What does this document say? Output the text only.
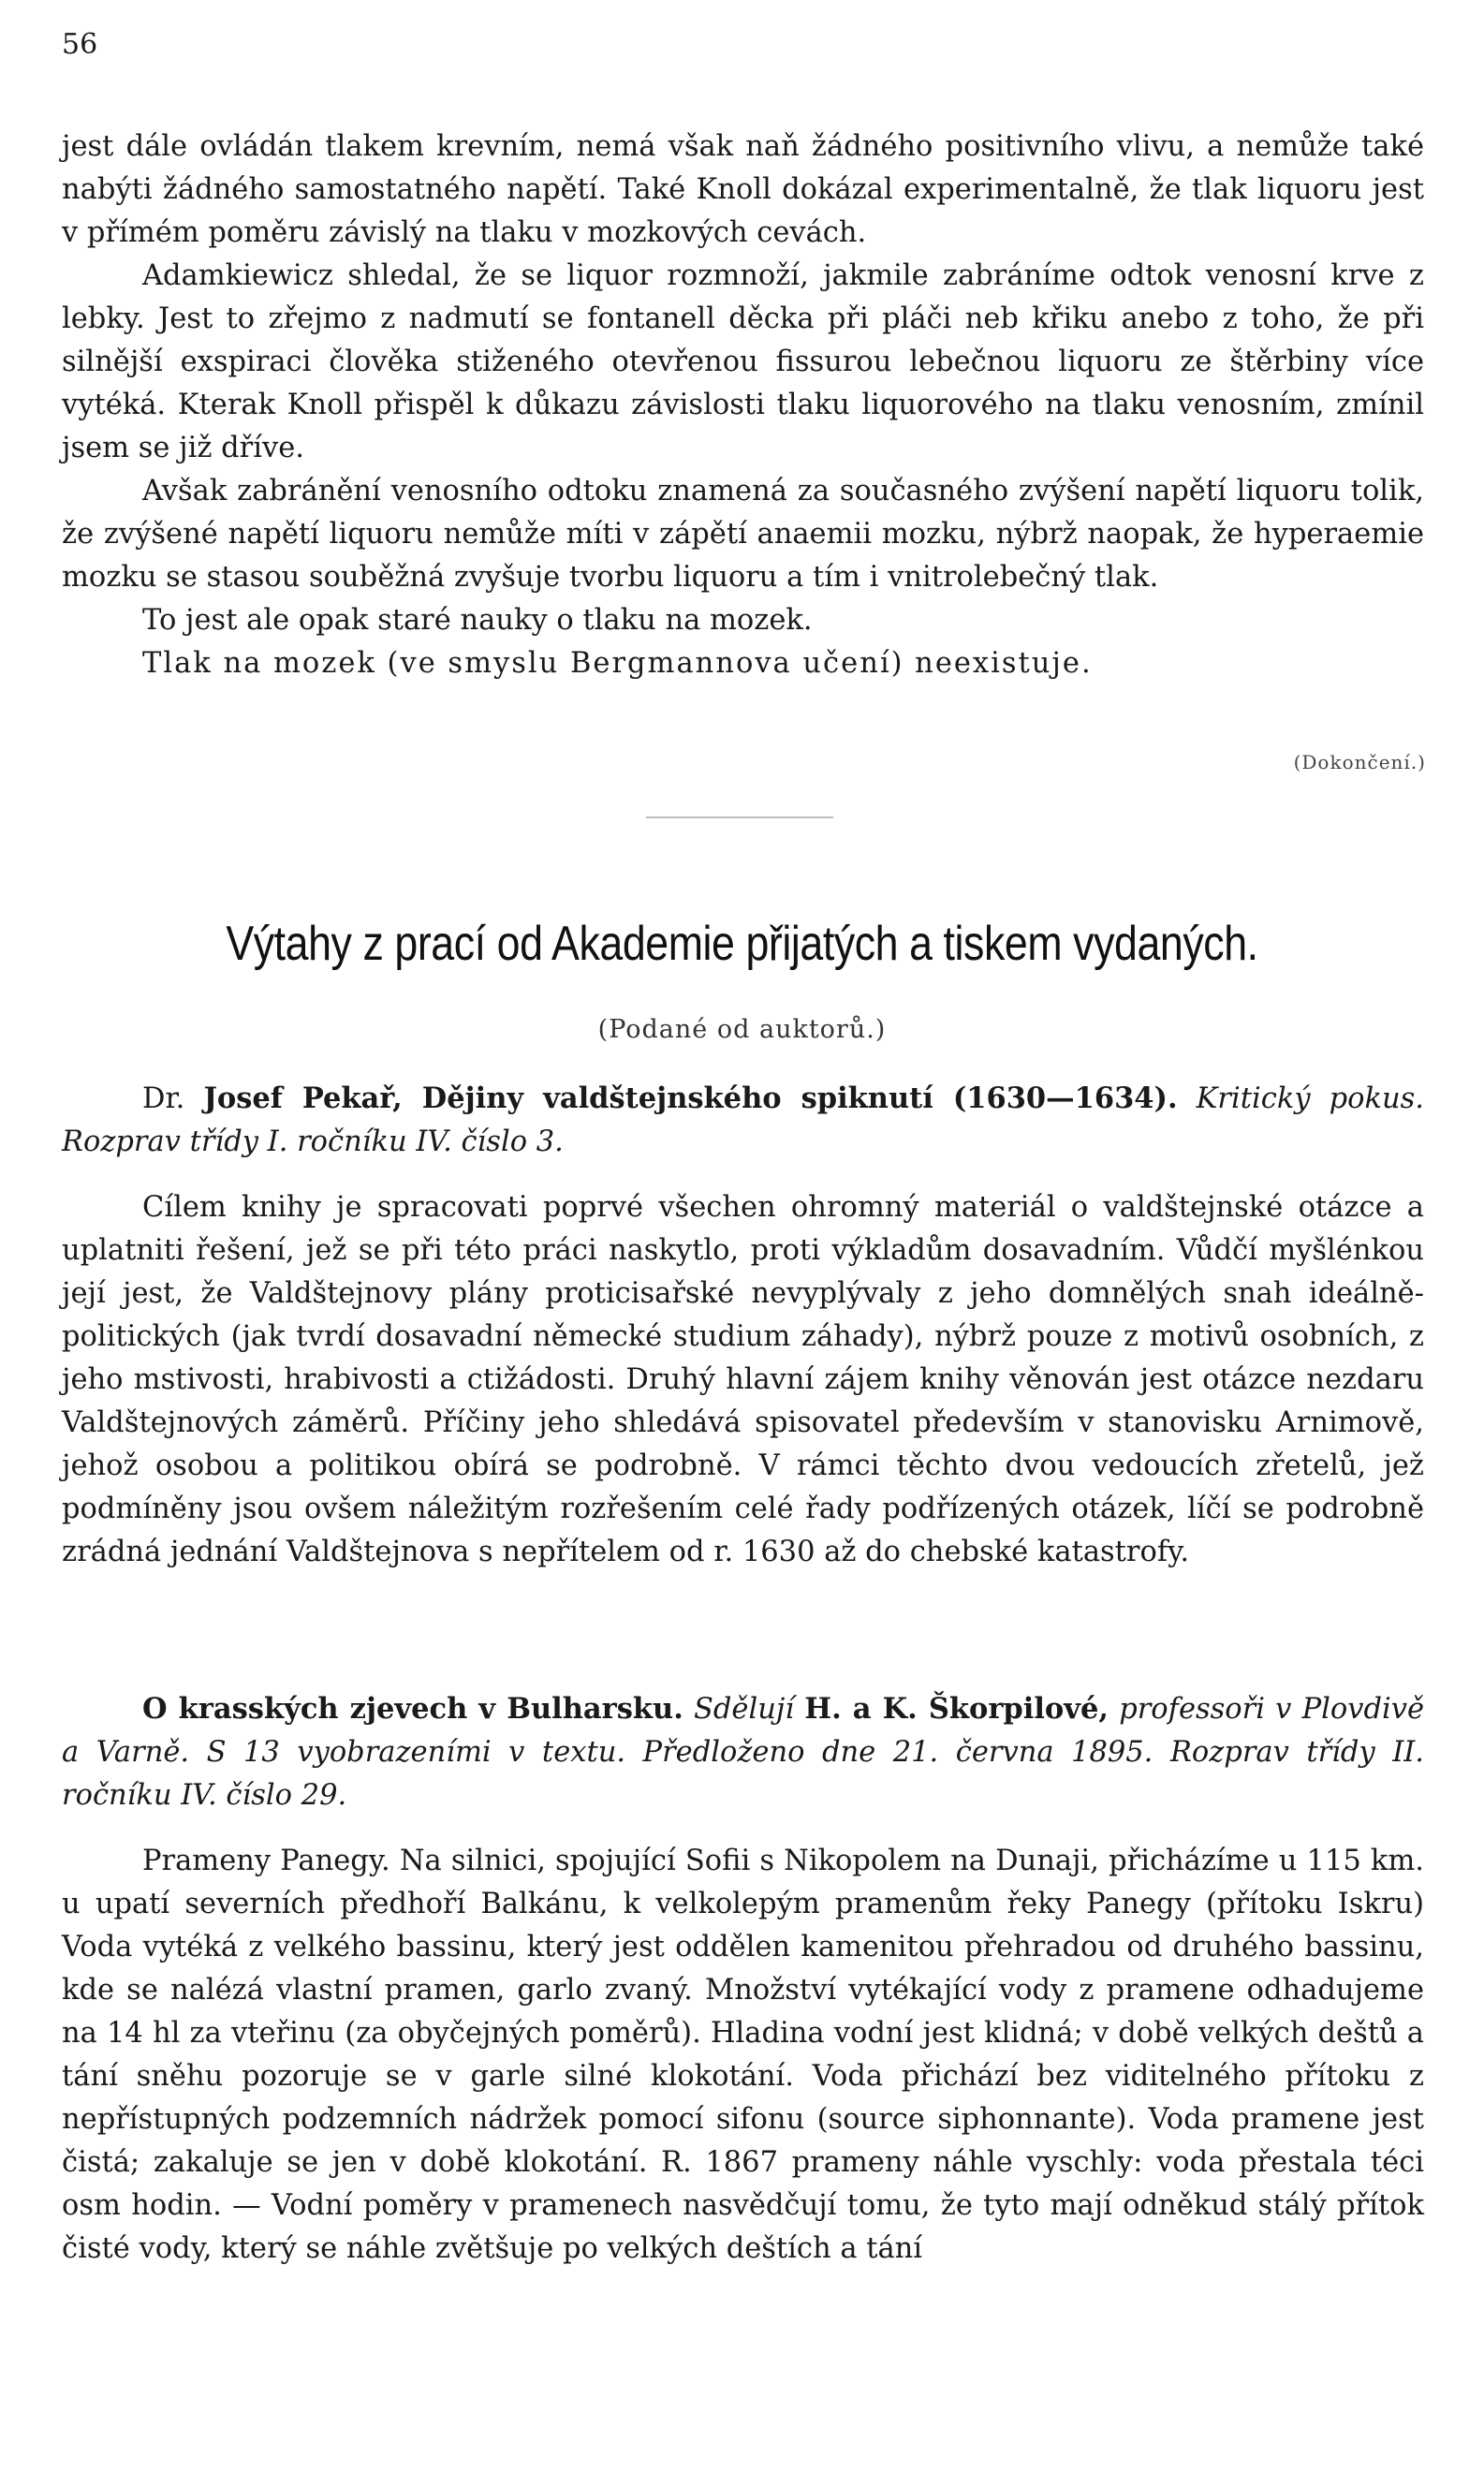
56

jest dále ovládán tlakem krevním, nemá však naň žádného positivního vlivu, a nemůže také nabýti žádného samostatného napětí. Také Knoll dokázal experimentalně, že tlak liquoru jest v přímém poměru závislý na tlaku v mozkových cevách.

Adamkiewicz shledal, že se liquor rozmnoží, jakmile zabráníme odtok venosní krve z lebky. Jest to zřejmo z nadmutí se fontanell děcka při pláči neb křiku anebo z toho, že při silnější exspiraci člověka stiženého otevřenou fissurou lebečnou liquoru ze štěrbiny více vytéká. Kterak Knoll přispěl k důkazu závislosti tlaku liquorového na tlaku venosním, zmínil jsem se již dříve.

Avšak zabránění venosního odtoku znamená za současného zvýšení napětí liquoru tolik, že zvýšené napětí liquoru nemůže míti v zápětí anaemii mozku, nýbrž naopak, že hyperaemie mozku se stasou souběžná zvyšuje tvorbu liquoru a tím i vnitrolebečný tlak.

To jest ale opak staré nauky o tlaku na mozek.

Tlak na mozek (ve smyslu Bergmannova učení) neexistuje.

(Dokončení.)
Výtahy z prací od Akademie přijatých a tiskem vydaných.
(Podané od auktorů.)

Dr. Josef Pekař, Dějiny valdštejnského spiknutí (1630—1634). Kritický pokus. Rozprav třídy I. ročníku IV. číslo 3.

Cílem knihy je spracovati poprvé všechen ohromný materiál o valdštejnské otázce a uplatniti řešení, jež se při této práci naskytlo, proti výkladům dosavadním. Vůdčí myšlénkou její jest, že Valdštejnovy plány proticisařské nevyplývaly z jeho domnělých snah ideálně-politických (jak tvrdí dosavadní německé studium záhady), nýbrž pouze z motivů osobních, z jeho mstivosti, hrabivosti a ctižádosti. Druhý hlavní zájem knihy věnován jest otázce nezdaru Valdštejnových záměrů. Příčiny jeho shledává spisovatel především v stanovisku Arnimově, jehož osobou a politikou obírá se podrobně. V rámci těchto dvou vedoucích zřetelů, jež podmíněny jsou ovšem náležitým rozřešením celé řady podřízených otázek, líčí se podrobně zrádná jednání Valdštejnova s nepřítelem od r. 1630 až do chebské katastrofy.

O krasských zjevech v Bulharsku. Sdělují H. a K. Škorpilové, professoři v Plovdivě a Varně. S 13 vyobrazeními v textu. Předloženo dne 21. června 1895. Rozprav třídy II. ročníku IV. číslo 29.

Prameny Panegy. Na silnici, spojující Sofii s Nikopolem na Dunaji, přicházíme u 115 km. u upatí severních předhoří Balkánu, k velkolepým pramenům řeky Panegy (přítoku Iskru) Voda vytéká z velkého bassinu, který jest oddělen kamenitou přehradou od druhého bassinu, kde se nalézá vlastní pramen, garlo zvaný. Množství vytékající vody z pramene odhadujeme na 14 hl za vteřinu (za obyčejných poměrů). Hladina vodní jest klidná; v době velkých deštů a tání sněhu pozoruje se v garle silné klokotání. Voda přichází bez viditelného přítoku z nepřístupných podzemních nádržek pomocí sifonu (source siphonnante). Voda pramene jest čistá; zakaluje se jen v době klokotání. R. 1867 prameny náhle vyschly: voda přestala téci osm hodin. — Vodní poměry v pramenech nasvědčují tomu, že tyto mají odněkud stálý přítok čisté vody, který se náhle zvětšuje po velkých deštích a tání
